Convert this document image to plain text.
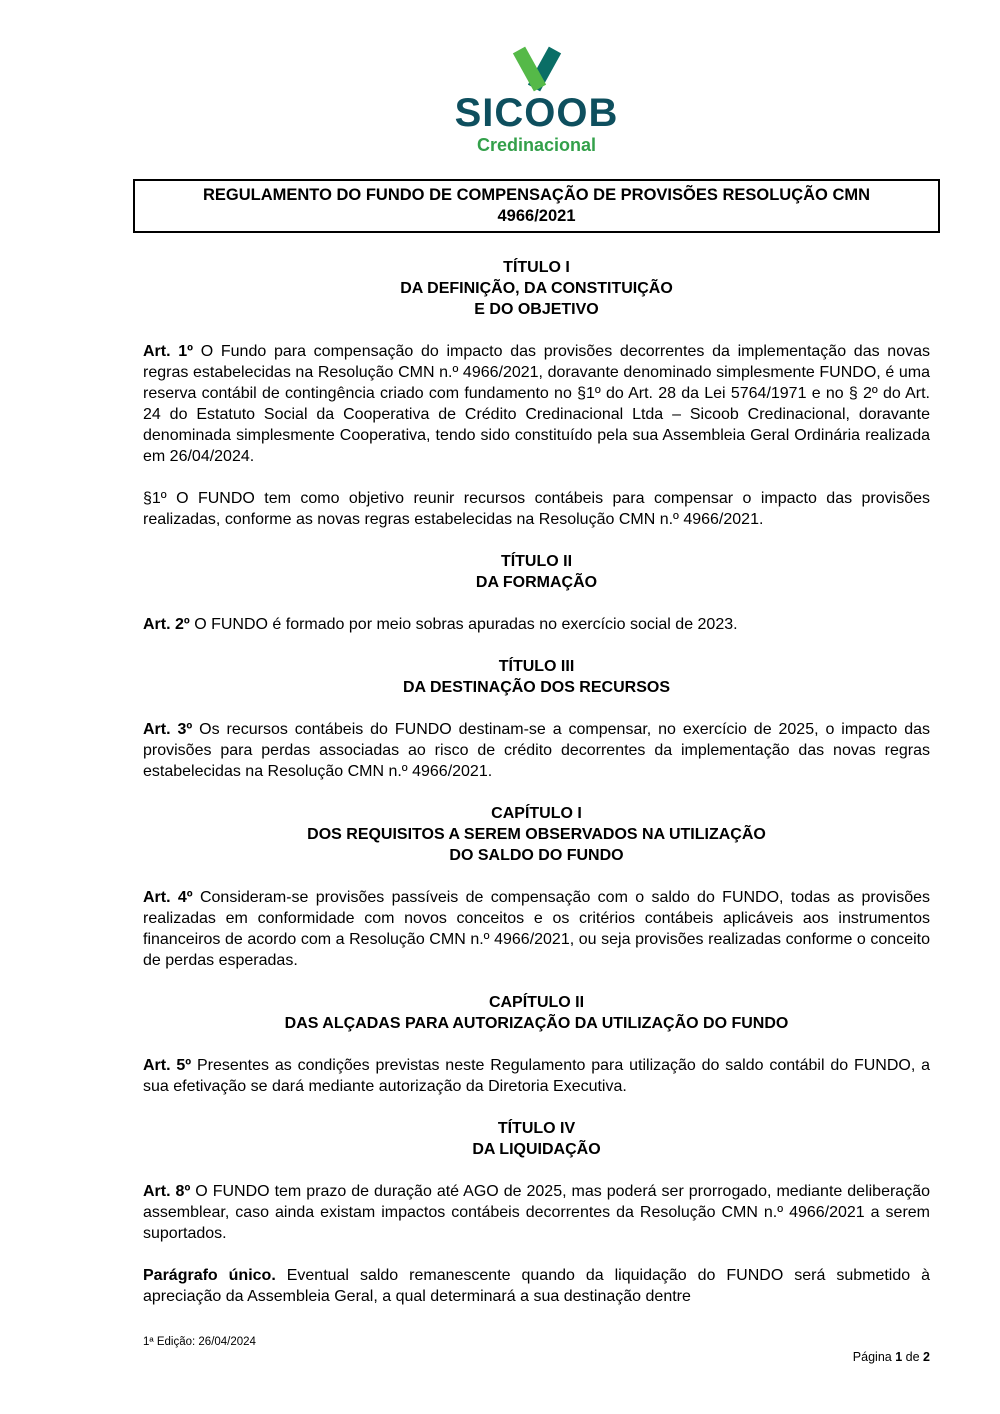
SICOOB
Credinacional
REGULAMENTO DO FUNDO DE COMPENSAÇÃO DE PROVISÕES RESOLUÇÃO CMN
4966/2021
TÍTULO I
DA DEFINIÇÃO, DA CONSTITUIÇÃO
E DO OBJETIVO

Art. 1º O Fundo para compensação do impacto das provisões decorrentes da implementação das novas regras estabelecidas na Resolução CMN n.º 4966/2021, doravante denominado simplesmente FUNDO, é uma reserva contábil de contingência criado com fundamento no §1º do Art. 28 da Lei 5764/1971 e no § 2º do Art. 24 do Estatuto Social da Cooperativa de Crédito Credinacional Ltda – Sicoob Credinacional, doravante denominada simplesmente Cooperativa, tendo sido constituído pela sua Assembleia Geral Ordinária realizada em 26/04/2024.

§1º O FUNDO tem como objetivo reunir recursos contábeis para compensar o impacto das provisões realizadas, conforme as novas regras estabelecidas na Resolução CMN n.º 4966/2021.

TÍTULO II
DA FORMAÇÃO

Art. 2º O FUNDO é formado por meio sobras apuradas no exercício social de 2023.

TÍTULO III
DA DESTINAÇÃO DOS RECURSOS

Art. 3º Os recursos contábeis do FUNDO destinam-se a compensar, no exercício de 2025, o impacto das provisões para perdas associadas ao risco de crédito decorrentes da implementação das novas regras estabelecidas na Resolução CMN n.º 4966/2021.

CAPÍTULO I
DOS REQUISITOS A SEREM OBSERVADOS NA UTILIZAÇÃO
DO SALDO DO FUNDO

Art. 4º Consideram-se provisões passíveis de compensação com o saldo do FUNDO, todas as provisões realizadas em conformidade com novos conceitos e os critérios contábeis aplicáveis aos instrumentos financeiros de acordo com a Resolução CMN n.º 4966/2021, ou seja provisões realizadas conforme o conceito de perdas esperadas.

CAPÍTULO II
DAS ALÇADAS PARA AUTORIZAÇÃO DA UTILIZAÇÃO DO FUNDO

Art. 5º Presentes as condições previstas neste Regulamento para utilização do saldo contábil do FUNDO, a sua efetivação se dará mediante autorização da Diretoria Executiva.

TÍTULO IV
DA LIQUIDAÇÃO

Art. 8º O FUNDO tem prazo de duração até AGO de 2025, mas poderá ser prorrogado, mediante deliberação assemblear, caso ainda existam impactos contábeis decorrentes da Resolução CMN n.º 4966/2021 a serem suportados.

Parágrafo único. Eventual saldo remanescente quando da liquidação do FUNDO será submetido à apreciação da Assembleia Geral, a qual determinará a sua destinação dentre

1ª Edição: 26/04/2024
Página 1 de 2
